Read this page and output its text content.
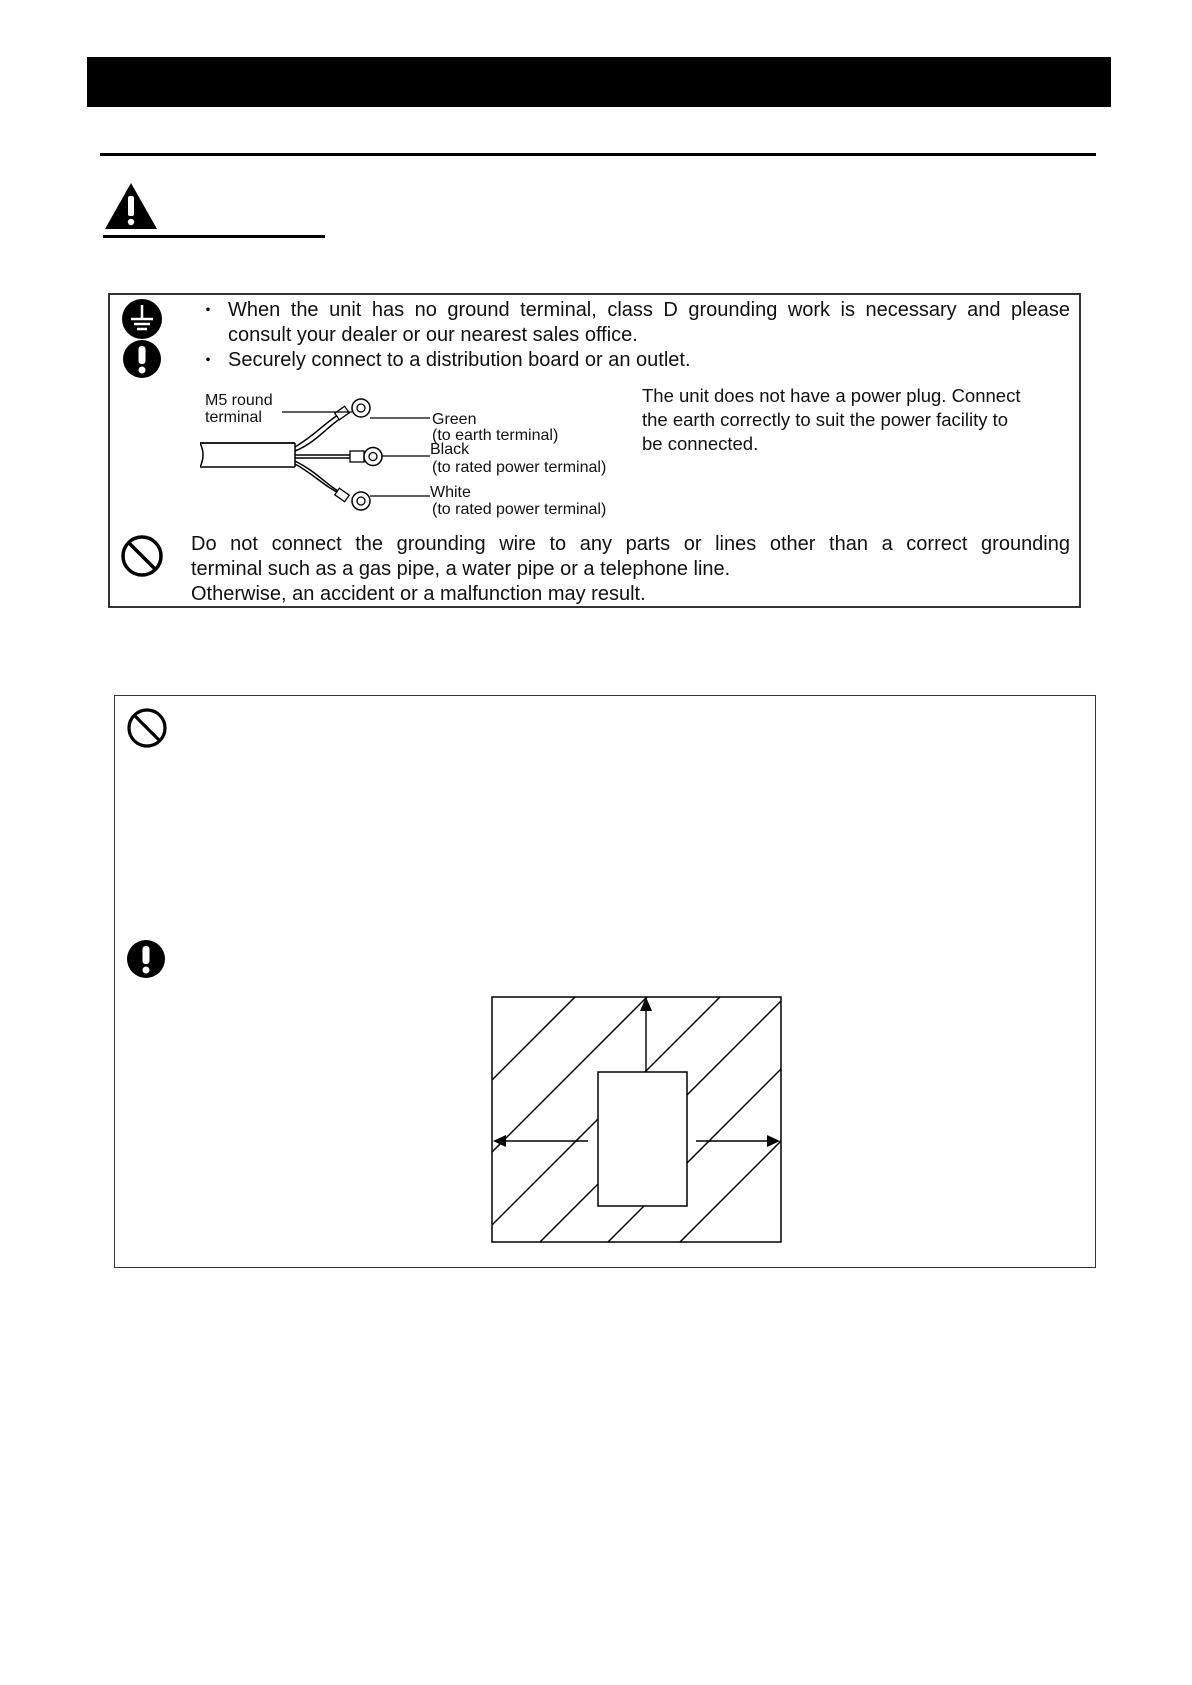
・ When the unit has no ground terminal, class D grounding work is necessary and please
consult your dealer or our nearest sales office.
・ Securely connect to a distribution board or an outlet.
M5 round
terminal	Green
(to earth terminal)
Black
(to rated power terminal)
White
(to rated power terminal)
The unit does not have a power plug. Connect
the earth correctly to suit the power facility to
be connected.
Do not connect the grounding wire to any parts or lines other than a correct grounding
terminal such as a gas pipe, a water pipe or a telephone line.
Otherwise, an accident or a malfunction may result.
